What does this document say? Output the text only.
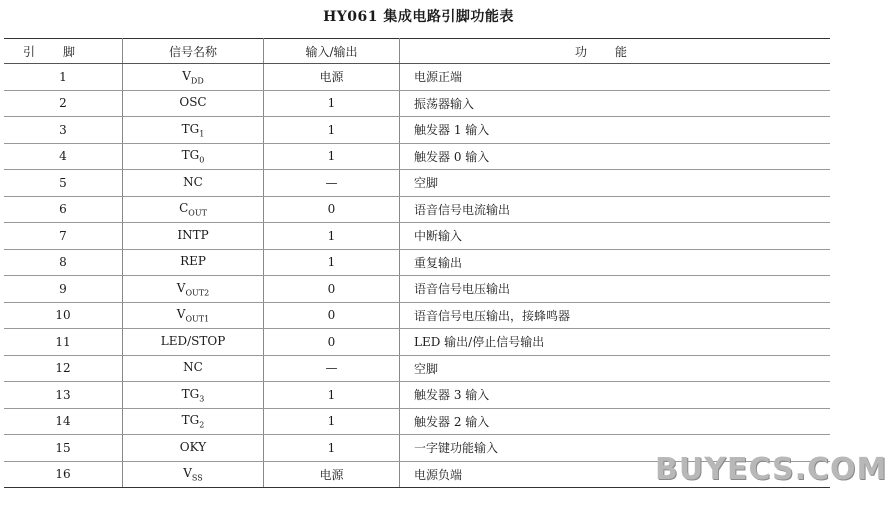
HY061 集成电路引脚功能表
引脚	信号名称	输入/输出	功能
1	$V_{DD}$	电源	电源正端
2	OSC	1	振荡器输入
3	$TG_1$	1	触发器 1 输入
4	$TG_0$	1	触发器 0 输入
5	NC	—	空脚
6	$C_{OUT}$	0	语音信号电流输出
7	INTP	1	中断输入
8	REP	1	重复输出
9	$V_{OUT2}$	0	语音信号电压输出
10	$V_{OUT1}$	0	语音信号电压输出，接蜂鸣器
11	LED/STOP	0	LED 输出/停止信号输出
12	NC	—	空脚
13	$TG_3$	1	触发器 3 输入
14	$TG_2$	1	触发器 2 输入
15	OKY	1	一字键功能输入
16	$V_{SS}$	电源	电源负端	BUYECS.COM
